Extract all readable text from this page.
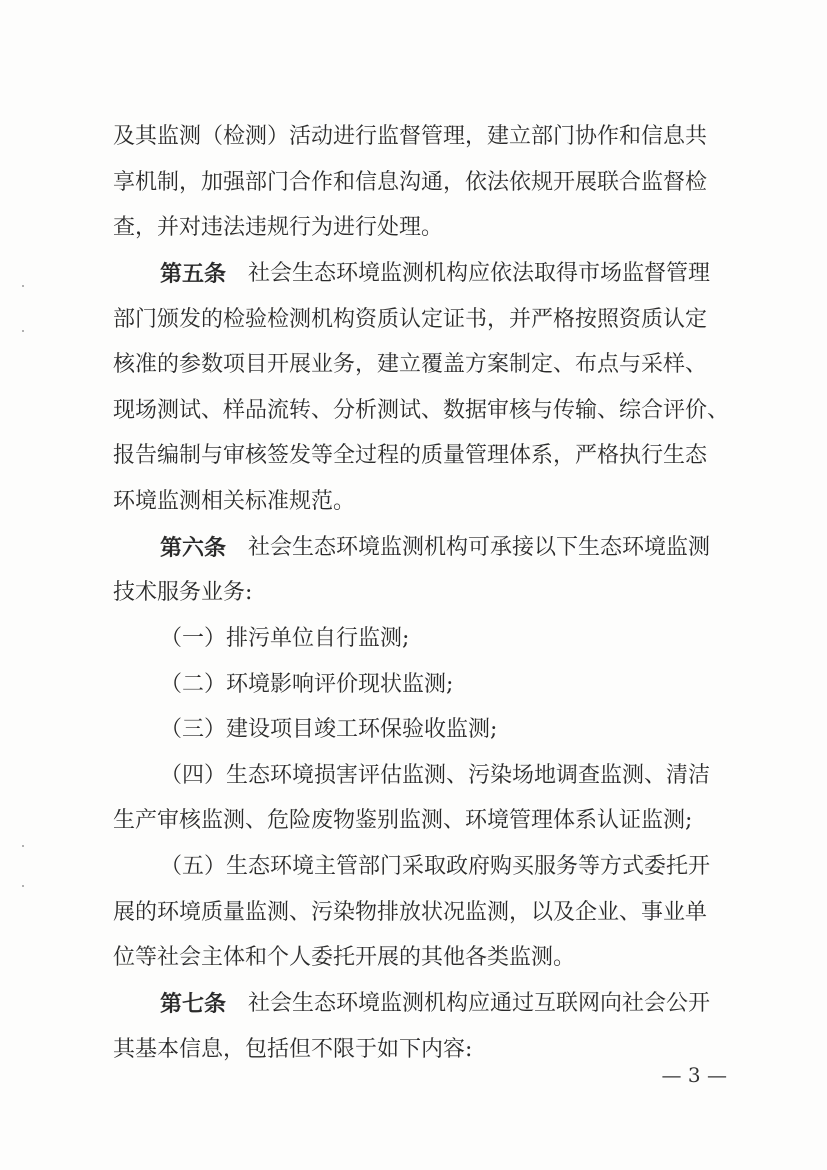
及其监测（检测）活动进行监督管理，建立部门协作和信息共
享机制，加强部门合作和信息沟通，依法依规开展联合监督检
查，并对违法违规行为进行处理。
第五条 社会生态环境监测机构应依法取得市场监督管理
部门颁发的检验检测机构资质认定证书，并严格按照资质认定
核准的参数项目开展业务，建立覆盖方案制定、布点与采样、
现场测试、样品流转、分析测试、数据审核与传输、综合评价、
报告编制与审核签发等全过程的质量管理体系，严格执行生态
环境监测相关标准规范。
第六条 社会生态环境监测机构可承接以下生态环境监测
技术服务业务:
（一）排污单位自行监测;
（二）环境影响评价现状监测;
（三）建设项目竣工环保验收监测;
（四）生态环境损害评估监测、污染场地调查监测、清洁
生产审核监测、危险废物鉴别监测、环境管理体系认证监测;
（五）生态环境主管部门采取政府购买服务等方式委托开
展的环境质量监测、污染物排放状况监测，以及企业、事业单
位等社会主体和个人委托开展的其他各类监测。
第七条 社会生态环境监测机构应通过互联网向社会公开
其基本信息，包括但不限于如下内容:
— 3 —
